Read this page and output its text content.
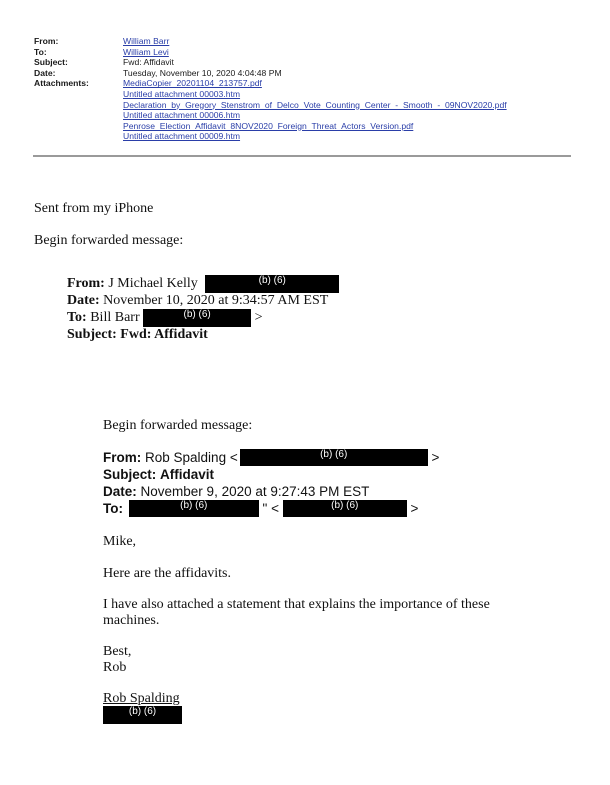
From:	William Barr
To:	William Levi
Subject:	Fwd: Affidavit
Date:	Tuesday, November 10, 2020 4:04:48 PM
Attachments:	MediaCopier_20201104_213757.pdf
Untitled attachment 00003.htm
Declaration_by_Gregory_Stenstrom_of_Delco_Vote_Counting_Center_-_Smooth_-_09NOV2020.pdf
Untitled attachment 00006.htm
Penrose_Election_Affidavit_8NOV2020_Foreign_Threat_Actors_Version.pdf
Untitled attachment 00009.htm
Sent from my iPhone
Begin forwarded message:
From: J Michael Kelly	(b) (6)
Date: November 10, 2020 at 9:34:57 AM EST
To: Bill Barr	(b) (6)	>
Subject: Fwd: Affidavit
Begin forwarded message:
From: Rob Spalding <	(b) (6)	>
Subject: Affidavit
Date: November 9, 2020 at 9:27:43 PM EST
To:	(b) (6)	" <	(b) (6)	>
Mike,
Here are the affidavits.
I have also attached a statement that explains the importance of these
machines.
Best,
Rob
Rob Spalding
(b) (6)
